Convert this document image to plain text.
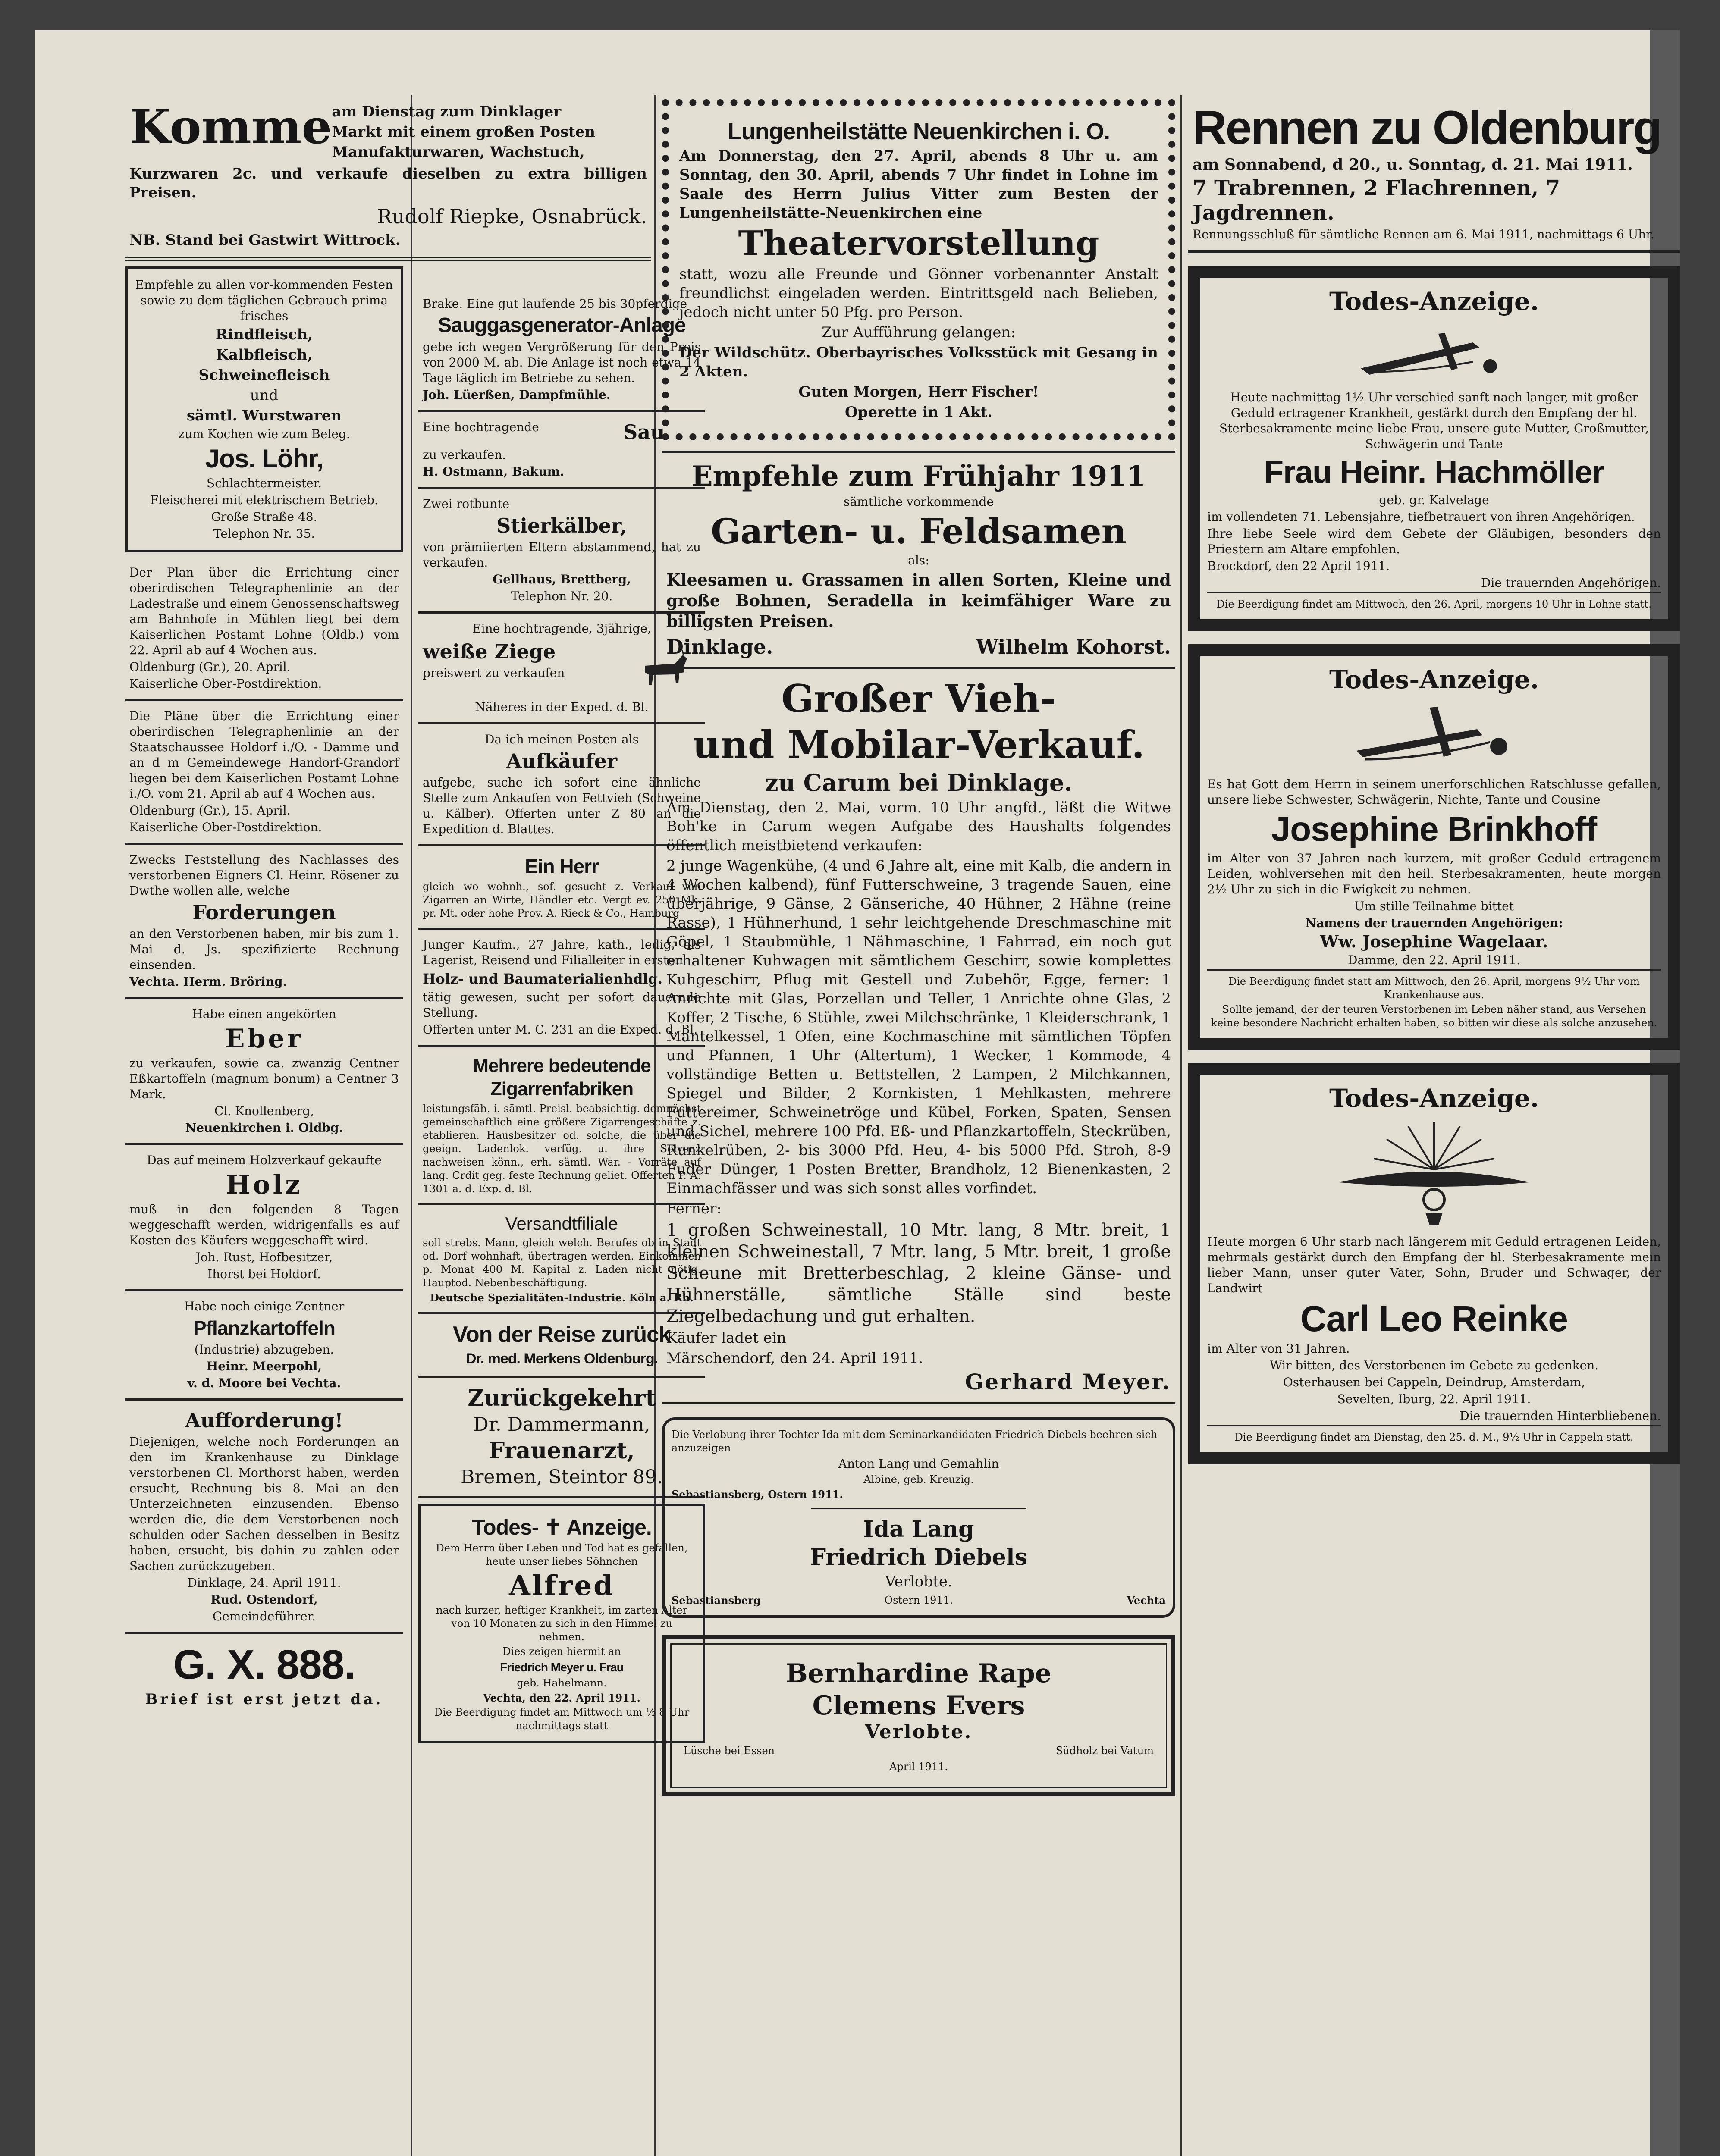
Komme am Dienstag zum Dinklager
Markt mit einem großen Posten
Manufakturwaren, Wachstuch,
Kurzwaren 2c. und verkaufe dieselben zu extra billigen Preisen.
Rudolf Riepke, Osnabrück.
NB. Stand bei Gastwirt Wittrock.
Empfehle zu allen vor-kommenden Festen sowie zu dem täglichen Gebrauch prima frisches
Rindfleisch,
Kalbfleisch,
Schweinefleisch
und
sämtl. Wurstwaren
zum Kochen wie zum Beleg.
Jos. Löhr,
Schlachtermeister.
Fleischerei mit elektrischem Betrieb.
Große Straße 48.
Telephon Nr. 35.
Der Plan über die Errichtung einer oberirdischen Telegraphenlinie an der Ladestraße und einem Genossenschaftsweg am Bahnhofe in Mühlen liegt bei dem Kaiserlichen Postamt Lohne (Oldb.) vom 22. April ab auf 4 Wochen aus.
Oldenburg (Gr.), 20. April.
Kaiserliche Ober-Postdirektion.
Die Pläne über die Errichtung einer oberirdischen Telegraphenlinie an der Staatschaussee Holdorf i./O. - Damme und an d m Gemeindewege Handorf-Grandorf liegen bei dem Kaiserlichen Postamt Lohne i./O. vom 21. April ab auf 4 Wochen aus.
Oldenburg (Gr.), 15. April.
Kaiserliche Ober-Postdirektion.
Zwecks Feststellung des Nachlasses des verstorbenen Eigners Cl. Heinr. Rösener zu Dwthe wollen alle, welche
Forderungen
an den Verstorbenen haben, mir bis zum 1. Mai d. Js. spezifizierte Rechnung einsenden.
Vechta. Herm. Bröring.
Habe einen angekörten
Eber
zu verkaufen, sowie ca. zwanzig Centner Eßkartoffeln (magnum bonum) a Centner 3 Mark.
Cl. Knollenberg,
Neuenkirchen i. Oldbg.
Das auf meinem Holzverkauf gekaufte
Holz
muß in den folgenden 8 Tagen weggeschafft werden, widrigenfalls es auf Kosten des Käufers weggeschafft wird.
Joh. Rust, Hofbesitzer,
Ihorst bei Holdorf.
Habe noch einige Zentner
Pflanzkartoffeln
(Industrie) abzugeben.
Heinr. Meerpohl,
v. d. Moore bei Vechta.
Aufforderung!
Diejenigen, welche noch Forderungen an den im Krankenhause zu Dinklage verstorbenen Cl. Morthorst haben, werden ersucht, Rechnung bis 8. Mai an den Unterzeichneten einzusenden. Ebenso werden die, die dem Verstorbenen noch schulden oder Sachen desselben in Besitz haben, ersucht, bis dahin zu zahlen oder Sachen zurückzugeben.
Dinklage, 24. April 1911.
Rud. Ostendorf,
Gemeindeführer.
G. X. 888.
Brief ist erst jetzt da.
Brake. Eine gut laufende 25 bis 30pferdige
Sauggasgenerator-Anlage
gebe ich wegen Vergrößerung für den Preis von 2000 M. ab. Die Anlage ist noch etwa 14 Tage täglich im Betriebe zu sehen.
Joh. Lüerßen, Dampfmühle.
Eine hochtragende	Sau
zu verkaufen.
H. Ostmann, Bakum.
Zwei rotbunte
Stierkälber,
von prämiierten Eltern abstammend, hat zu verkaufen.
Gellhaus, Brettberg,
Telephon Nr. 20.
Eine hochtragende, 3jährige,
weiße Ziege
preiswert zu verkaufen
Näheres in der Exped. d. Bl.
Da ich meinen Posten als
Aufkäufer
aufgebe, suche ich sofort eine ähnliche Stelle zum Ankaufen von Fettvieh (Schweine u. Kälber). Offerten unter Z 80 an die Expedition d. Blattes.
Ein Herr
gleich wo wohnh., sof. gesucht z. Verkauf von Zigarren an Wirte, Händler etc. Vergt ev. 250 Mk. pr. Mt. oder hohe Prov. A. Rieck & Co., Hamburg
Junger Kaufm., 27 Jahre, kath., ledig, als Lagerist, Reisend und Filialleiter in ersten
Holz- und Baumaterialienhdlg.
tätig gewesen, sucht per sofort dauernde Stellung.
Offerten unter M. C. 231 an die Exped. d. Bl.
Mehrere bedeutende Zigarrenfabriken
leistungsfäh. i. sämtl. Preisl. beabsichtig. demnächst gemeinschaftlich eine größere Zigarrengeschäfte z. etablieren. Hausbesitzer od. solche, die über die geeign. Ladenlok. verfüg. u. ihre Solvenz nachweisen könn., erh. sämtl. War. - Vorräte auf lang. Crdit geg. feste Rechnung geliet. Offerten P. A. 1301 a. d. Exp. d. Bl.
Versandtfiliale
soll strebs. Mann, gleich welch. Berufes ob in Stadt od. Dorf wohnhaft, übertragen werden. Einkommen p. Monat 400 M. Kapital z. Laden nicht nötig. Hauptod. Nebenbeschäftigung.
Deutsche Spezialitäten-Industrie. Köln a. Rh.
Von der Reise zurück
Dr. med. Merkens Oldenburg.
Zurückgekehrt
Dr. Dammermann,
Frauenarzt,
Bremen, Steintor 89.
Todes- ✝ Anzeige.
Dem Herrn über Leben und Tod hat es gefallen, heute unser liebes Söhnchen
Alfred
nach kurzer, heftiger Krankheit, im zarten Alter von 10 Monaten zu sich in den Himmel zu nehmen.
Dies zeigen hiermit an
Friedrich Meyer u. Frau
geb. Hahelmann.
Vechta, den 22. April 1911.
Die Beerdigung findet am Mittwoch um ½ 8 Uhr nachmittags statt
Lungenheilstätte Neuenkirchen i. O.
Am Donnerstag, den 27. April, abends 8 Uhr u. am Sonntag, den 30. April, abends 7 Uhr findet in Lohne im Saale des Herrn Julius Vitter zum Besten der Lungenheilstätte-Neuenkirchen eine
Theatervorstellung
statt, wozu alle Freunde und Gönner vorbenannter Anstalt freundlichst eingeladen werden. Eintrittsgeld nach Belieben, jedoch nicht unter 50 Pfg. pro Person.
Zur Aufführung gelangen:
Der Wildschütz. Oberbayrisches Volksstück mit Gesang in 2 Akten.
Guten Morgen, Herr Fischer!
Operette in 1 Akt.
Empfehle zum Frühjahr 1911
sämtliche vorkommende
Garten- u. Feldsamen
als:
Kleesamen u. Grassamen in allen Sorten, Kleine und große Bohnen, Seradella in keimfähiger Ware zu billigsten Preisen.
Dinklage.	Wilhelm Kohorst.
Großer Vieh-
und Mobilar-Verkauf.
zu Carum bei Dinklage.
Am Dienstag, den 2. Mai, vorm. 10 Uhr angfd., läßt die Witwe Boh'ke in Carum wegen Aufgabe des Haushalts folgendes öffentlich meistbietend verkaufen:
2 junge Wagenkühe, (4 und 6 Jahre alt, eine mit Kalb, die andern in 4 Wochen kalbend), fünf Futterschweine, 3 tragende Sauen, eine überjährige, 9 Gänse, 2 Gänseriche, 40 Hühner, 2 Hähne (reine Rasse), 1 Hühnerhund, 1 sehr leichtgehende Dreschmaschine mit Göpel, 1 Staubmühle, 1 Nähmaschine, 1 Fahrrad, ein noch gut erhaltener Kuhwagen mit sämtlichem Geschirr, sowie komplettes Kuhgeschirr, Pflug mit Gestell und Zubehör, Egge, ferner: 1 Anrichte mit Glas, Porzellan und Teller, 1 Anrichte ohne Glas, 2 Koffer, 2 Tische, 6 Stühle, zwei Milchschränke, 1 Kleiderschrank, 1 Mantelkessel, 1 Ofen, eine Kochmaschine mit sämtlichen Töpfen und Pfannen, 1 Uhr (Altertum), 1 Wecker, 1 Kommode, 4 vollständige Betten u. Bettstellen, 2 Lampen, 2 Milchkannen, Spiegel und Bilder, 2 Kornkisten, 1 Mehlkasten, mehrere Futtereimer, Schweinetröge und Kübel, Forken, Spaten, Sensen und Sichel, mehrere 100 Pfd. Eß- und Pflanzkartoffeln, Steckrüben, Runkelrüben, 2- bis 3000 Pfd. Heu, 4- bis 5000 Pfd. Stroh, 8-9 Fuder Dünger, 1 Posten Bretter, Brandholz, 12 Bienenkasten, 2 Einmachfässer und was sich sonst alles vorfindet.
Ferner:
1 großen Schweinestall, 10 Mtr. lang, 8 Mtr. breit, 1 kleinen Schweinestall, 7 Mtr. lang, 5 Mtr. breit, 1 große Scheune mit Bretterbeschlag, 2 kleine Gänse- und Hühnerställe, sämtliche Ställe sind beste Ziegelbedachung und gut erhalten.
Käufer ladet ein
Märschendorf, den 24. April 1911.
Gerhard Meyer.
Die Verlobung ihrer Tochter Ida mit dem Seminarkandidaten Friedrich Diebels beehren sich anzuzeigen
Anton Lang und Gemahlin
Albine, geb. Kreuzig.
Sebastiansberg, Ostern 1911.
Ida Lang
Friedrich Diebels
Verlobte.
Sebastiansberg	Ostern 1911.	Vechta
Bernhardine Rape
Clemens Evers
Verlobte.
Lüsche bei Essen	Südholz bei Vatum
April 1911.
Rennen zu Oldenburg
am Sonnabend, d 20., u. Sonntag, d. 21. Mai 1911.
7 Trabrennen, 2 Flachrennen, 7 Jagdrennen.
Rennungsschluß für sämtliche Rennen am 6. Mai 1911, nachmittags 6 Uhr.
Todes-Anzeige.
Heute nachmittag 1½ Uhr verschied sanft nach langer, mit großer Geduld ertragener Krankheit, gestärkt durch den Empfang der hl. Sterbesakramente meine liebe Frau, unsere gute Mutter, Großmutter, Schwägerin und Tante
Frau Heinr. Hachmöller
geb. gr. Kalvelage
im vollendeten 71. Lebensjahre, tiefbetrauert von ihren Angehörigen.
Ihre liebe Seele wird dem Gebete der Gläubigen, besonders den Priestern am Altare empfohlen.
Brockdorf, den 22 April 1911.
Die trauernden Angehörigen.
Die Beerdigung findet am Mittwoch, den 26. April, morgens 10 Uhr in Lohne statt.
Todes-Anzeige.
Es hat Gott dem Herrn in seinem unerforschlichen Ratschlusse gefallen, unsere liebe Schwester, Schwägerin, Nichte, Tante und Cousine
Josephine Brinkhoff
im Alter von 37 Jahren nach kurzem, mit großer Geduld ertragenem Leiden, wohlversehen mit den heil. Sterbesakramenten, heute morgen 2½ Uhr zu sich in die Ewigkeit zu nehmen.
Um stille Teilnahme bittet
Namens der trauernden Angehörigen:
Ww. Josephine Wagelaar.
Damme, den 22. April 1911.
Die Beerdigung findet statt am Mittwoch, den 26. April, morgens 9½ Uhr vom Krankenhause aus.
Sollte jemand, der der teuren Verstorbenen im Leben näher stand, aus Versehen keine besondere Nachricht erhalten haben, so bitten wir diese als solche anzusehen.
Todes-Anzeige.
Heute morgen 6 Uhr starb nach längerem mit Geduld ertragenen Leiden, mehrmals gestärkt durch den Empfang der hl. Sterbesakramente mein lieber Mann, unser guter Vater, Sohn, Bruder und Schwager, der Landwirt
Carl Leo Reinke
im Alter von 31 Jahren.
Wir bitten, des Verstorbenen im Gebete zu gedenken.
Osterhausen bei Cappeln, Deindrup, Amsterdam,
Sevelten, Iburg, 22. April 1911.
Die trauernden Hinterbliebenen.
Die Beerdigung findet am Dienstag, den 25. d. M., 9½ Uhr in Cappeln statt.
